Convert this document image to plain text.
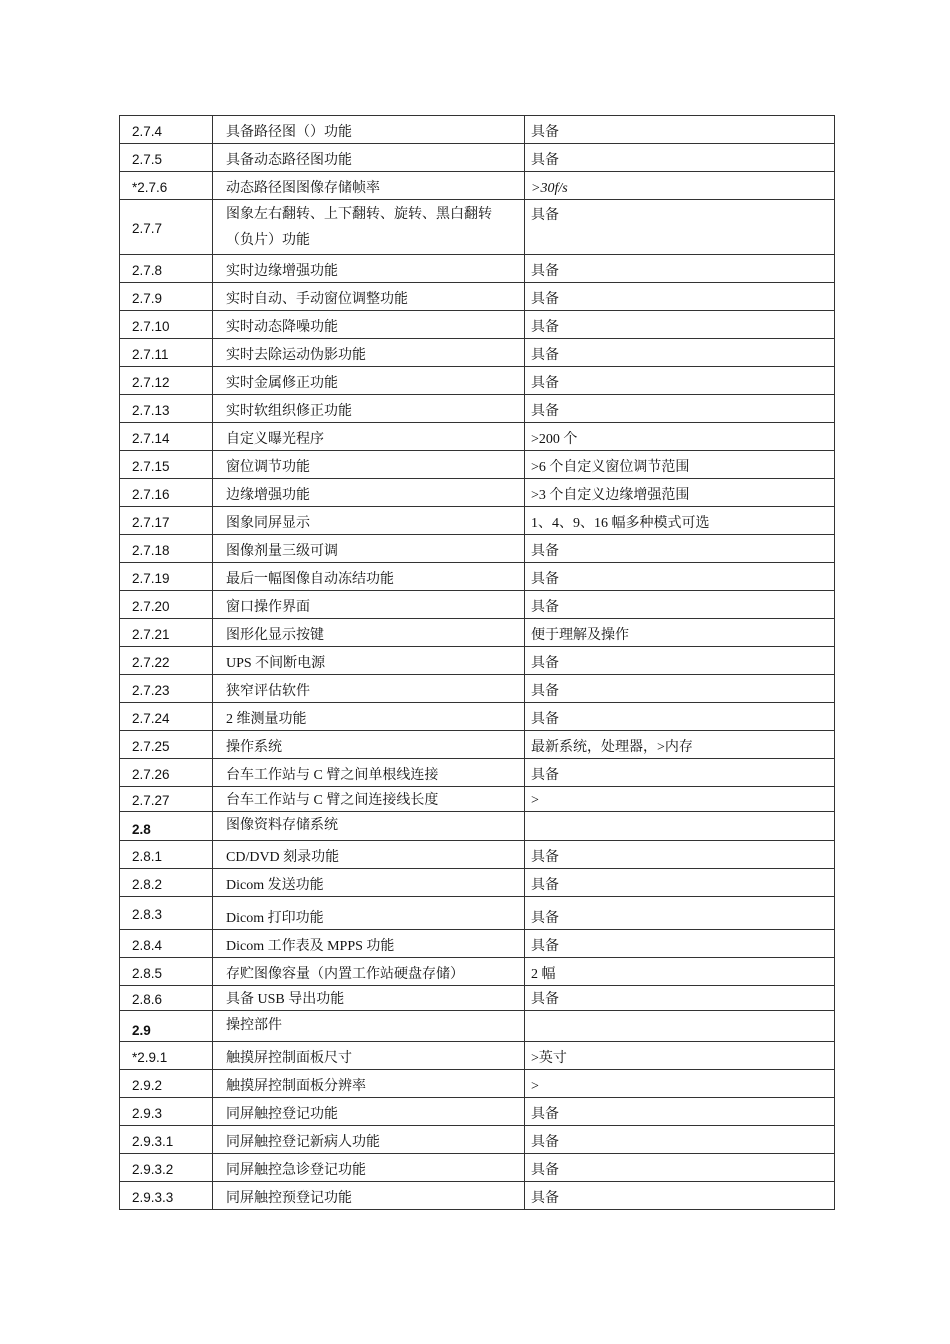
2.7.4	具备路径图（）功能	具备
2.7.5	具备动态路径图功能	具备
*2.7.6	动态路径图图像存储帧率	>30f/s
2.7.7	图象左右翻转、上下翻转、旋转、黑白翻转（负片）功能	具备
2.7.8	实时边缘增强功能	具备
2.7.9	实时自动、手动窗位调整功能	具备
2.7.10	实时动态降噪功能	具备
2.7.11	实时去除运动伪影功能	具备
2.7.12	实时金属修正功能	具备
2.7.13	实时软组织修正功能	具备
2.7.14	自定义曝光程序	>200 个
2.7.15	窗位调节功能	>6 个自定义窗位调节范围
2.7.16	边缘增强功能	>3 个自定义边缘增强范围
2.7.17	图象同屏显示	1、4、9、16 幅多种模式可选
2.7.18	图像剂量三级可调	具备
2.7.19	最后一幅图像自动冻结功能	具备
2.7.20	窗口操作界面	具备
2.7.21	图形化显示按键	便于理解及操作
2.7.22	UPS 不间断电源	具备
2.7.23	狭窄评估软件	具备
2.7.24	2 维测量功能	具备
2.7.25	操作系统	最新系统，处理器，>内存
2.7.26	台车工作站与 C 臂之间单根线连接	具备
2.7.27	台车工作站与 C 臂之间连接线长度	>
2.8	图像资料存储系统	
2.8.1	CD/DVD 刻录功能	具备
2.8.2	Dicom 发送功能	具备
2.8.3	Dicom 打印功能	具备
2.8.4	Dicom 工作表及 MPPS 功能	具备
2.8.5	存贮图像容量（内置工作站硬盘存储）	2 幅
2.8.6	具备 USB 导出功能	具备
2.9	操控部件	
*2.9.1	触摸屏控制面板尺寸	>英寸
2.9.2	触摸屏控制面板分辨率	>
2.9.3	同屏触控登记功能	具备
2.9.3.1	同屏触控登记新病人功能	具备
2.9.3.2	同屏触控急诊登记功能	具备
2.9.3.3	同屏触控预登记功能	具备
